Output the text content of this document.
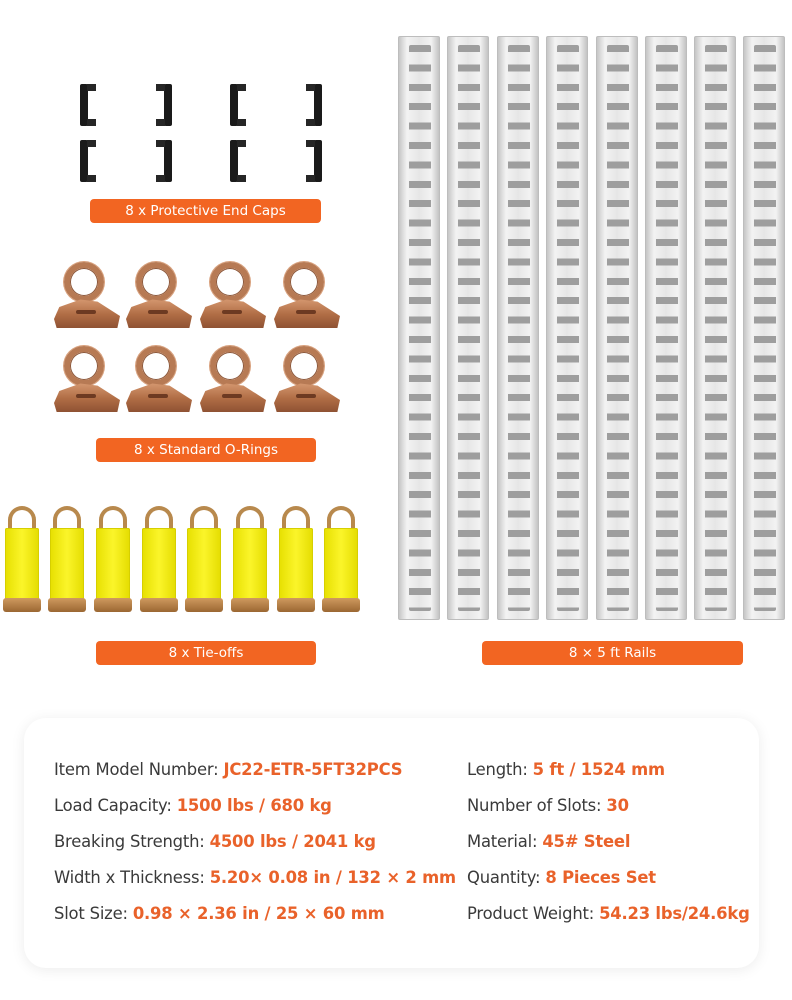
8 x Protective End Caps
8 x Standard O-Rings
8 x Tie-offs	8 × 5 ft Rails
Item Model Number: JC22-ETR-5FT32PCS
Load Capacity: 1500 lbs / 680 kg
Breaking Strength: 4500 lbs / 2041 kg
Width x Thickness: 5.20× 0.08 in / 132 × 2 mm
Slot Size: 0.98 × 2.36 in / 25 × 60 mm
Length: 5 ft / 1524 mm
Number of Slots: 30
Material: 45# Steel
Quantity: 8 Pieces Set
Product Weight: 54.23 lbs/24.6kg
